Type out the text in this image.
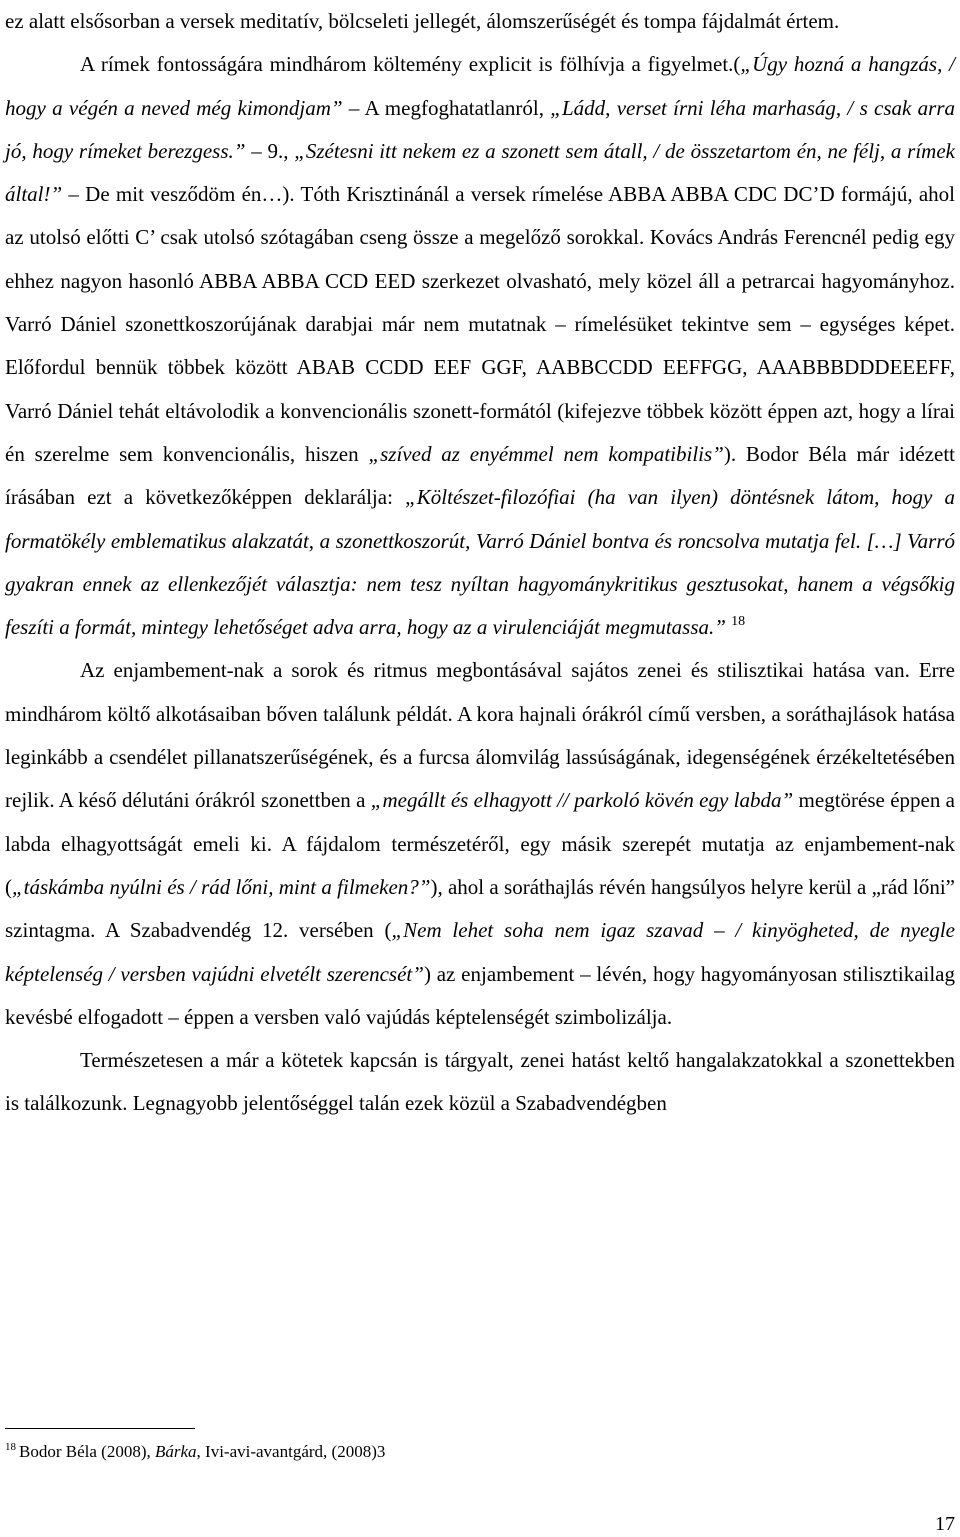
ez alatt elsősorban a versek meditatív, bölcseleti jellegét, álomszerűségét és tompa fájdalmát értem.

A rímek fontosságára mindhárom költemény explicit is fölhívja a figyelmet.(„Úgy hozná a hangzás, / hogy a végén a neved még kimondjam” – A megfoghatatlanról, „Ládd, verset írni léha marhaság, / s csak arra jó, hogy rímeket berezgess.” – 9., „Szétesni itt nekem ez a szonett sem átall, / de összetartom én, ne félj, a rímek által!” – De mit vesződöm én…). Tóth Krisztinánál a versek rímelése ABBA ABBA CDC DC’D formájú, ahol az utolsó előtti C’ csak utolsó szótagában cseng össze a megelőző sorokkal. Kovács András Ferencnél pedig egy ehhez nagyon hasonló ABBA ABBA CCD EED szerkezet olvasható, mely közel áll a petrarcai hagyományhoz. Varró Dániel szonettkoszorújának darabjai már nem mutatnak – rímelésüket tekintve sem – egységes képet. Előfordul bennük többek között ABAB CCDD EEF GGF, AABBCCDD EEFFGG, AAABBBDDDEEEFF, Varró Dániel tehát eltávolodik a konvencionális szonett-formától (kifejezve többek között éppen azt, hogy a lírai én szerelme sem konvencionális, hiszen „szíved az enyémmel nem kompatibilis”). Bodor Béla már idézett írásában ezt a következőképpen deklarálja: „Költészet-filozófiai (ha van ilyen) döntésnek látom, hogy a formatökély emblematikus alakzatát, a szonettkoszorút, Varró Dániel bontva és roncsolva mutatja fel. […] Varró gyakran ennek az ellenkezőjét választja: nem tesz nyíltan hagyománykritikus gesztusokat, hanem a végsőkig feszíti a formát, mintegy lehetőséget adva arra, hogy az a virulenciáját megmutassa.” $^{18}$

Az enjambement-nak a sorok és ritmus megbontásával sajátos zenei és stilisztikai hatása van. Erre mindhárom költő alkotásaiban bőven találunk példát. A kora hajnali órákról című versben, a soráthajlások hatása leginkább a csendélet pillanatszerűségének, és a furcsa álomvilág lassúságának, idegenségének érzékeltetésében rejlik. A késő délutáni órákról szonettben a „megállt és elhagyott // parkoló kövén egy labda” megtörése éppen a labda elhagyottságát emeli ki. A fájdalom természetéről, egy másik szerepét mutatja az enjambement-nak („táskámba nyúlni és / rád lőni, mint a filmeken?”), ahol a soráthajlás révén hangsúlyos helyre kerül a „rád lőni” szintagma. A Szabadvendég 12. versében („Nem lehet soha nem igaz szavad – / kinyögheted, de nyegle képtelenség / versben vajúdni elvetélt szerencsét”) az enjambement – lévén, hogy hagyományosan stilisztikailag kevésbé elfogadott – éppen a versben való vajúdás képtelenségét szimbolizálja.

Természetesen a már a kötetek kapcsán is tárgyalt, zenei hatást keltő hangalakzatokkal a szonettekben is találkozunk. Legnagyobb jelentőséggel talán ezek közül a Szabadvendégben

$^{18}$ Bodor Béla (2008), Bárka, Ivi-avi-avantgárd, (2008)3
17
